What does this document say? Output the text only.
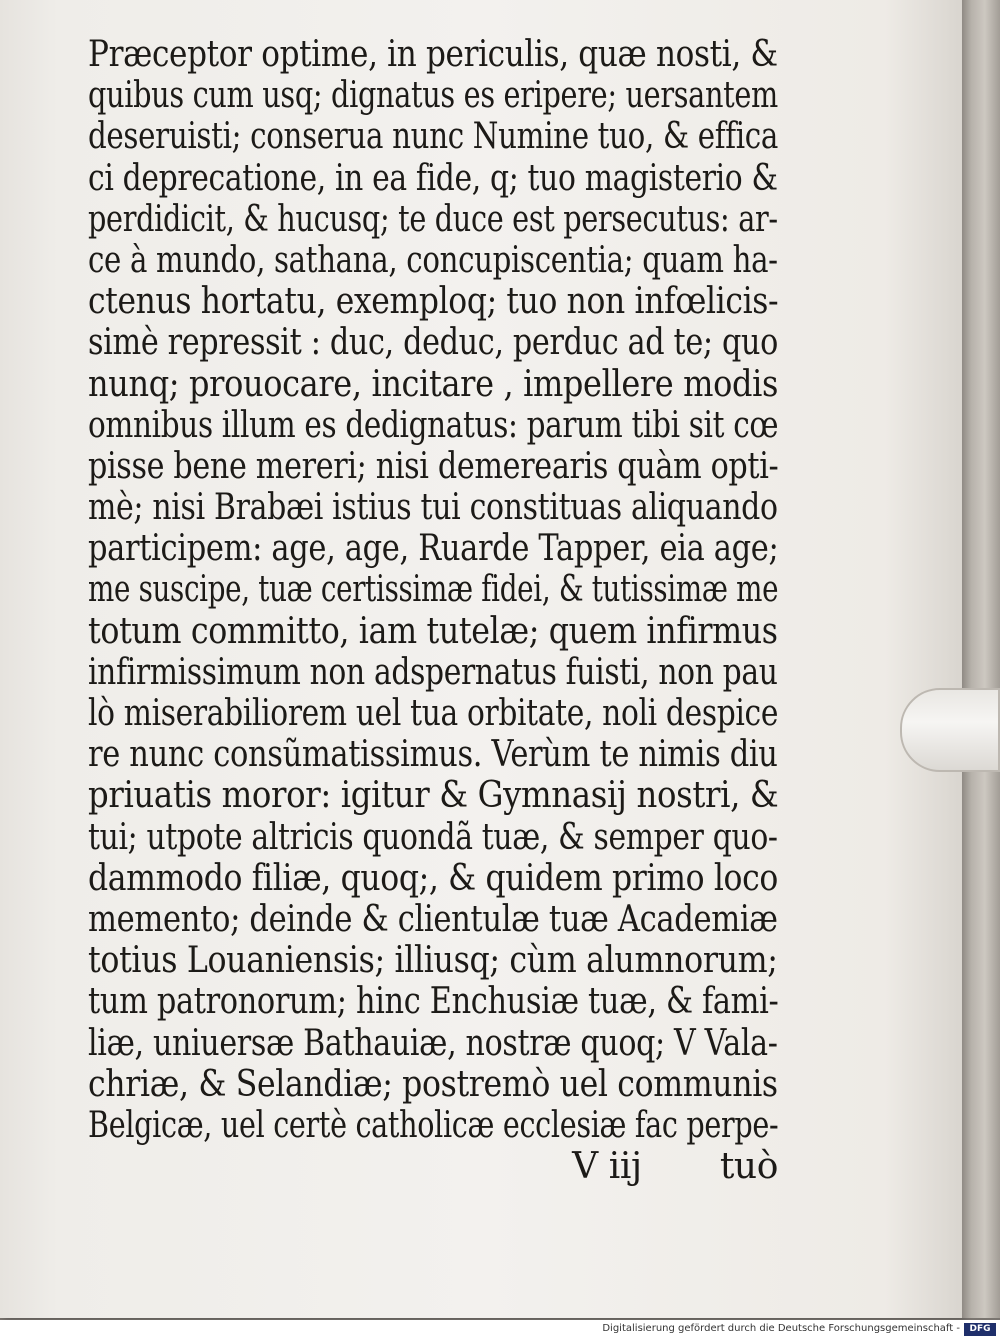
Præceptor optime, in periculis, quæ nosti, &
quibus cum usq; dignatus es eripere; uersantem
deseruisti; conserua nunc Numine tuo, & effica
ci deprecatione, in ea fide, q; tuo magisterio &
perdidicit, & hucusq; te duce est persecutus: ar-
ce à mundo, sathana, concupiscentia; quam ha-
ctenus hortatu, exemploq; tuo non infœlicis-
simè repressit : duc, deduc, perduc ad te; quo
nunq; prouocare, incitare , impellere modis
omnibus illum es dedignatus: parum tibi sit cœ
pisse bene mereri; nisi demerearis quàm opti-
mè; nisi Brabæi istius tui constituas aliquando
participem: age, age, Ruarde Tapper, eia age;
me suscipe, tuæ certissimæ fidei, & tutissimæ me
totum committo, iam tutelæ; quem infirmus
infirmissimum non adspernatus fuisti, non pau
lò miserabiliorem uel tua orbitate, noli despice
re nunc consũmatissimus. Verùm te nimis diu
priuatis moror: igitur & Gymnasij nostri, &
tui; utpote altricis quondã tuæ, & semper quo-
dammodo filiæ, quoq;, & quidem primo loco
memento; deinde & clientulæ tuæ Academiæ
totius Louaniensis; illiusq; cùm alumnorum;
tum patronorum; hinc Enchusiæ tuæ, & fami-
liæ, uniuersæ Bathauiæ, nostræ quoq; V Vala-
chriæ, & Selandiæ; postremò uel communis
Belgicæ, uel certè catholicæ ecclesiæ fac perpe-
V iij tuò
Digitalisierung gefördert durch die Deutsche Forschungsgemeinschaft -	DFG
